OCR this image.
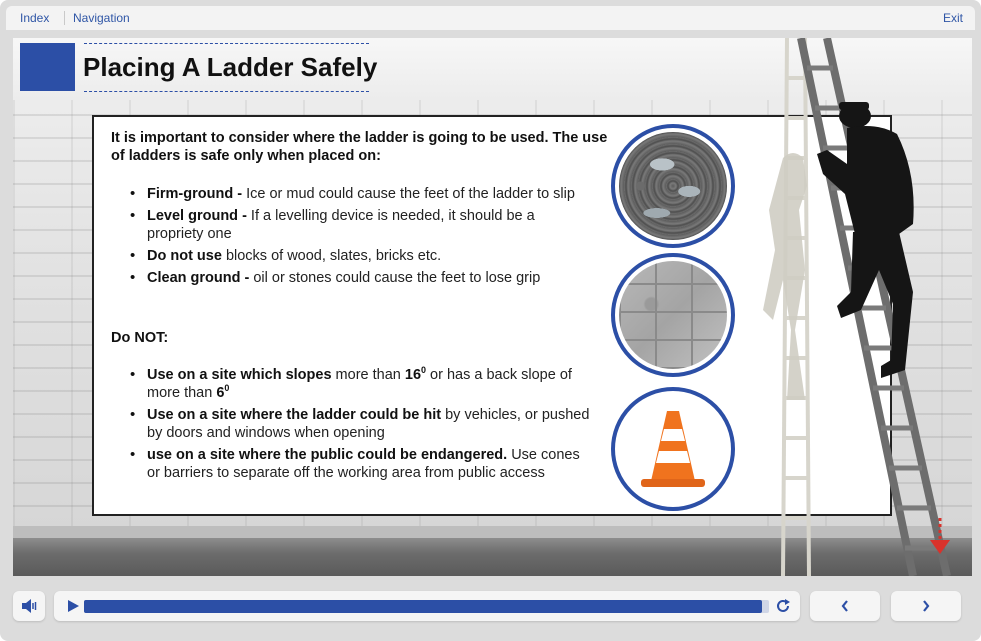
Index	Navigation	Exit
Placing A Ladder Safely
It is important to consider where the ladder is going to be used. The use of ladders is safe only when placed on:
• Firm-ground - Ice or mud could cause the feet of the ladder to slip
• Level ground - If a levelling device is needed, it should be a propriety one
• Do not use blocks of wood, slates, bricks etc.
• Clean ground - oil or stones could cause the feet to lose grip
Do NOT:
• Use on a site which slopes more than $16^0$ or has a back slope of more than $6^0$
• Use on a site where the ladder could be hit by vehicles, or pushed by doors and windows when opening
• use on a site where the public could be endangered. Use cones or barriers to separate off the working area from public access
